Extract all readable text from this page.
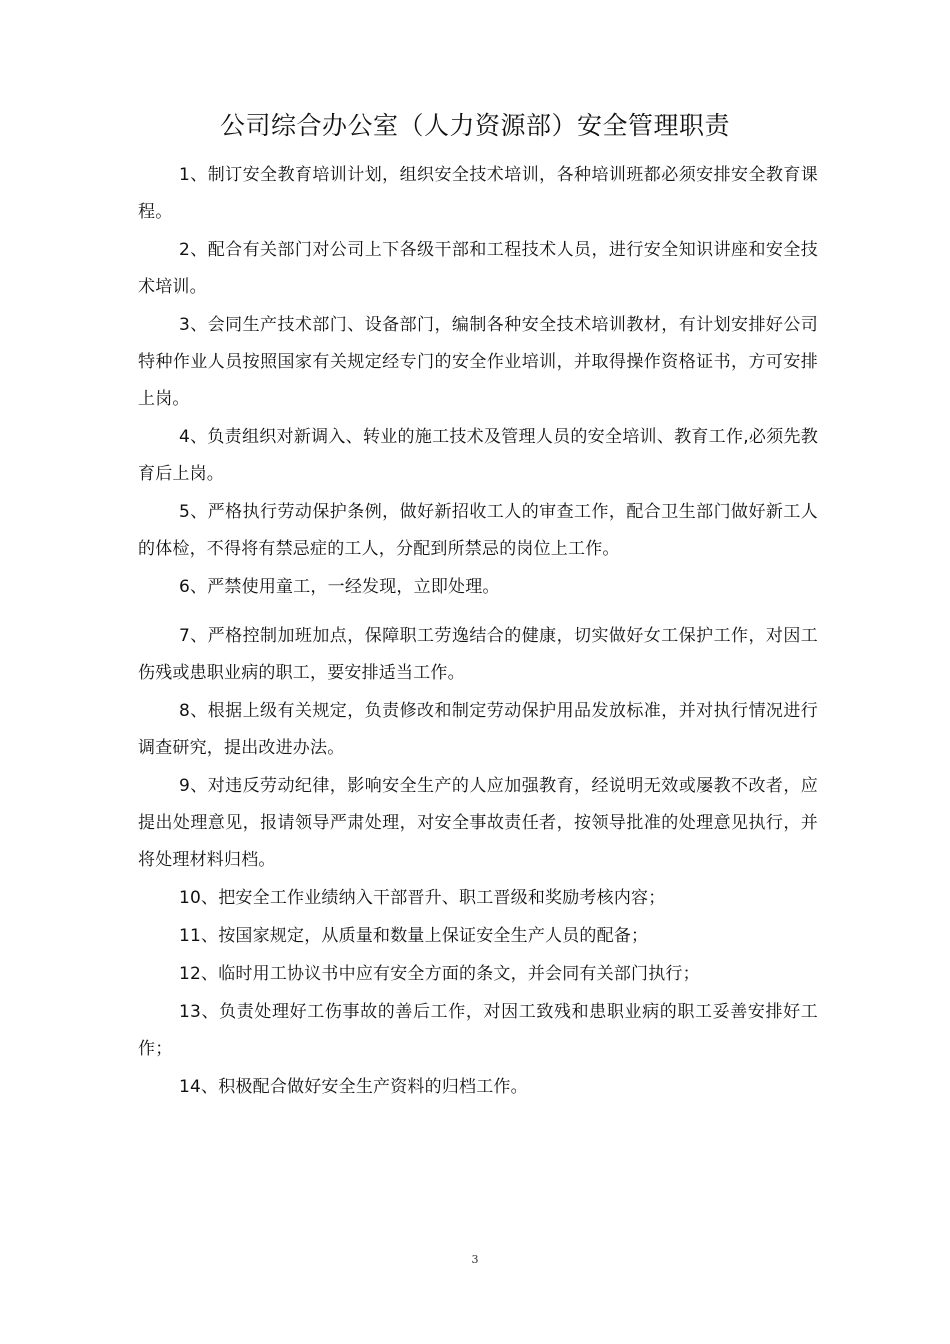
公司综合办公室（人力资源部）安全管理职责

1、制订安全教育培训计划，组织安全技术培训，各种培训班都必须安排安全教育课程。

2、配合有关部门对公司上下各级干部和工程技术人员，进行安全知识讲座和安全技术培训。

3、会同生产技术部门、设备部门，编制各种安全技术培训教材，有计划安排好公司特种作业人员按照国家有关规定经专门的安全作业培训，并取得操作资格证书，方可安排上岗。

4、负责组织对新调入、转业的施工技术及管理人员的安全培训、教育工作,必须先教育后上岗。

5、严格执行劳动保护条例，做好新招收工人的审查工作，配合卫生部门做好新工人的体检，不得将有禁忌症的工人，分配到所禁忌的岗位上工作。

6、严禁使用童工，一经发现，立即处理。

7、严格控制加班加点，保障职工劳逸结合的健康，切实做好女工保护工作，对因工伤残或患职业病的职工，要安排适当工作。

8、根据上级有关规定，负责修改和制定劳动保护用品发放标准，并对执行情况进行调查研究，提出改进办法。

9、对违反劳动纪律，影响安全生产的人应加强教育，经说明无效或屡教不改者，应提出处理意见，报请领导严肃处理，对安全事故责任者，按领导批准的处理意见执行，并将处理材料归档。

10、把安全工作业绩纳入干部晋升、职工晋级和奖励考核内容；

11、按国家规定，从质量和数量上保证安全生产人员的配备；

12、临时用工协议书中应有安全方面的条文，并会同有关部门执行；

13、负责处理好工伤事故的善后工作，对因工致残和患职业病的职工妥善安排好工作；

14、积极配合做好安全生产资料的归档工作。

3
